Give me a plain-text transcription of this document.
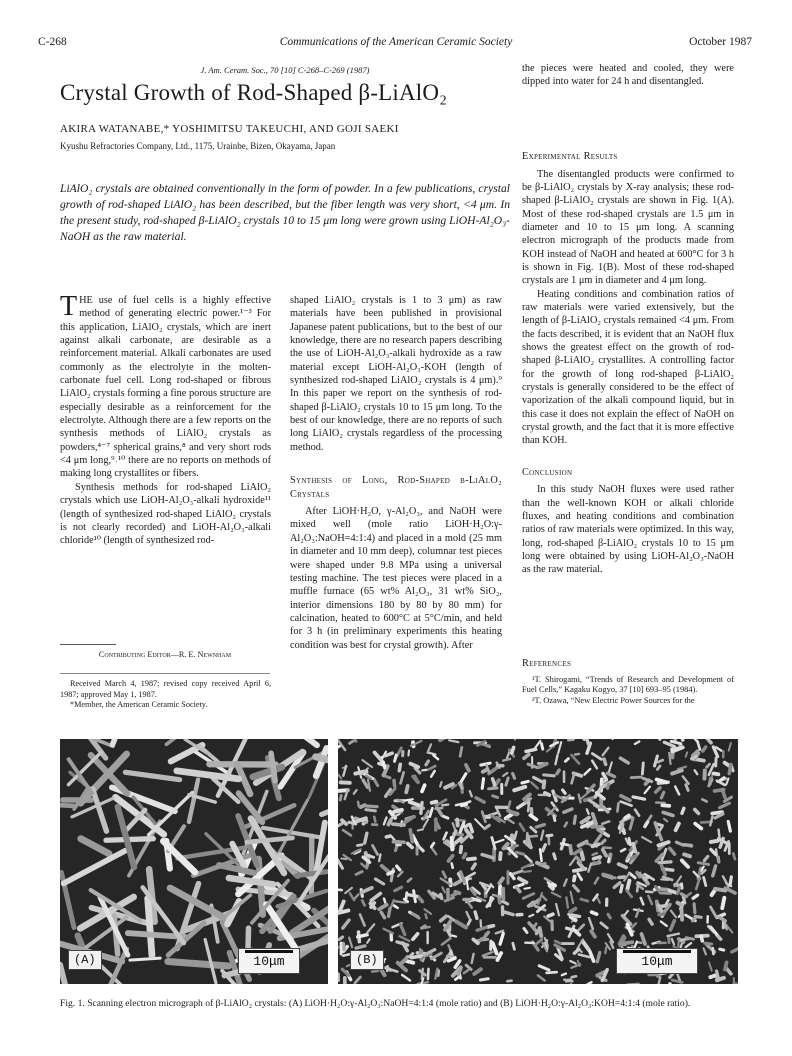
C-268	Communications of the American Ceramic Society	October 1987
J. Am. Ceram. Soc., 70 [10] C-268–C-269 (1987)
Crystal Growth of Rod-Shaped β-LiAlO₂
AKIRA WATANABE,* YOSHIMITSU TAKEUCHI, AND GOJI SAEKI
Kyushu Refractories Company, Ltd., 1175, Urainbe, Bizen, Okayama, Japan
LiAlO₂ crystals are obtained conventionally in the form of powder. In a few publications, crystal growth of rod-shaped LiAlO₂ has been described, but the fiber length was very short, <4 μm. In the present study, rod-shaped β-LiAlO₂ crystals 10 to 15 μm long were grown using LiOH-Al₂O₃-NaOH as the raw material.

THE use of fuel cells is a highly effective method of generating electric power.¹⁻³ For this application, LiAlO₂ crystals, which are inert against alkali carbonate, are desirable as a reinforcement material. Alkali carbonates are used commonly as the electrolyte in the molten-carbonate fuel cell. Long rod-shaped or fibrous LiAlO₂ crystals forming a fine porous structure are especially desirable as a reinforcement for the electrolyte. Although there are a few reports on the synthesis methods of LiAlO₂ crystals as powders,⁴⁻⁷ spherical grains,⁸ and very short rods <4 μm long,⁹˒¹⁰ there are no reports on methods of making long crystallites or fibers.

Synthesis methods for rod-shaped LiAlO₂ crystals which use LiOH-Al₂O₃-alkali hydroxide¹¹ (length of synthesized rod-shaped LiAlO₂ crystals is not clearly recorded) and LiOH-Al₂O₃-alkali chloride¹⁰ (length of synthesized rod-

Contributing Editor—R. E. Newnham
Received March 4, 1987; revised copy received April 6, 1987; approved May 1, 1987.
*Member, the American Ceramic Society.

shaped LiAlO₂ crystals is 1 to 3 μm) as raw materials have been published in provisional Japanese patent publications, but to the best of our knowledge, there are no research papers describing the use of LiOH-Al₂O₃-alkali hydroxide as a raw material except LiOH-Al₂O₃-KOH (length of synthesized rod-shaped LiAlO₂ crystals is 4 μm).⁹ In this paper we report on the synthesis of rod-shaped β-LiAlO₂ crystals 10 to 15 μm long. To the best of our knowledge, there are no reports of such long LiAlO₂ crystals regardless of the processing method.

Synthesis of Long, Rod-Shaped β-LiAlO₂ Crystals

After LiOH·H₂O, γ-Al₂O₃, and NaOH were mixed well (mole ratio LiOH·H₂O:γ-Al₂O₃:NaOH=4:1:4) and placed in a mold (25 mm in diameter and 10 mm deep), columnar test pieces were shaped under 9.8 MPa using a universal testing machine. The test pieces were placed in a muffle furnace (65 wt% Al₂O₃, 31 wt% SiO₂, interior dimensions 180 by 80 by 80 mm) for calcination, heated to 600°C at 5°C/min, and held for 3 h (in preliminary experiments this heating condition was best for crystal growth). After

the pieces were heated and cooled, they were dipped into water for 24 h and disentangled.

Experimental Results

The disentangled products were confirmed to be β-LiAlO₂ crystals by X-ray analysis; these rod-shaped β-LiAlO₂ crystals are shown in Fig. 1(A). Most of these rod-shaped crystals are 1.5 μm in diameter and 10 to 15 μm long. A scanning electron micrograph of the products made from KOH instead of NaOH and heated at 600°C for 3 h is shown in Fig. 1(B). Most of these rod-shaped crystals are 1 μm in diameter and 4 μm long.

Heating conditions and combination ratios of raw materials were varied extensively, but the length of β-LiAlO₂ crystals remained <4 μm. From the facts described, it is evident that an NaOH flux shows the greatest effect on the growth of rod-shaped β-LiAlO₂ crystallites. A controlling factor for the growth of long rod-shaped β-LiAlO₂ crystals is generally considered to be the effect of vaporization of the alkali compound liquid, but in this case it does not explain the effect of NaOH on crystal growth, and the fact that it is more effective than KOH.

Conclusion

In this study NaOH fluxes were used rather than the well-known KOH or alkali chloride fluxes, and heating conditions and combination ratios of raw materials were optimized. In this way, long, rod-shaped β-LiAlO₂ crystals 10 to 15 μm long were obtained by using LiOH-Al₂O₃-NaOH as the raw material.

References

¹T. Shirogami, “Trends of Research and Development of Fuel Cells,” Kagaku Kogyo, 37 [10] 693–95 (1984).

²T. Ozawa, “New Electric Power Sources for the

(A)	10μm	(B)	10μm
Fig. 1. Scanning electron micrograph of β-LiAlO₂ crystals: (A) LiOH·H₂O:γ-Al₂O₃:NaOH=4:1:4 (mole ratio) and (B) LiOH·H₂O:γ-Al₂O₃:KOH=4:1:4 (mole ratio).
